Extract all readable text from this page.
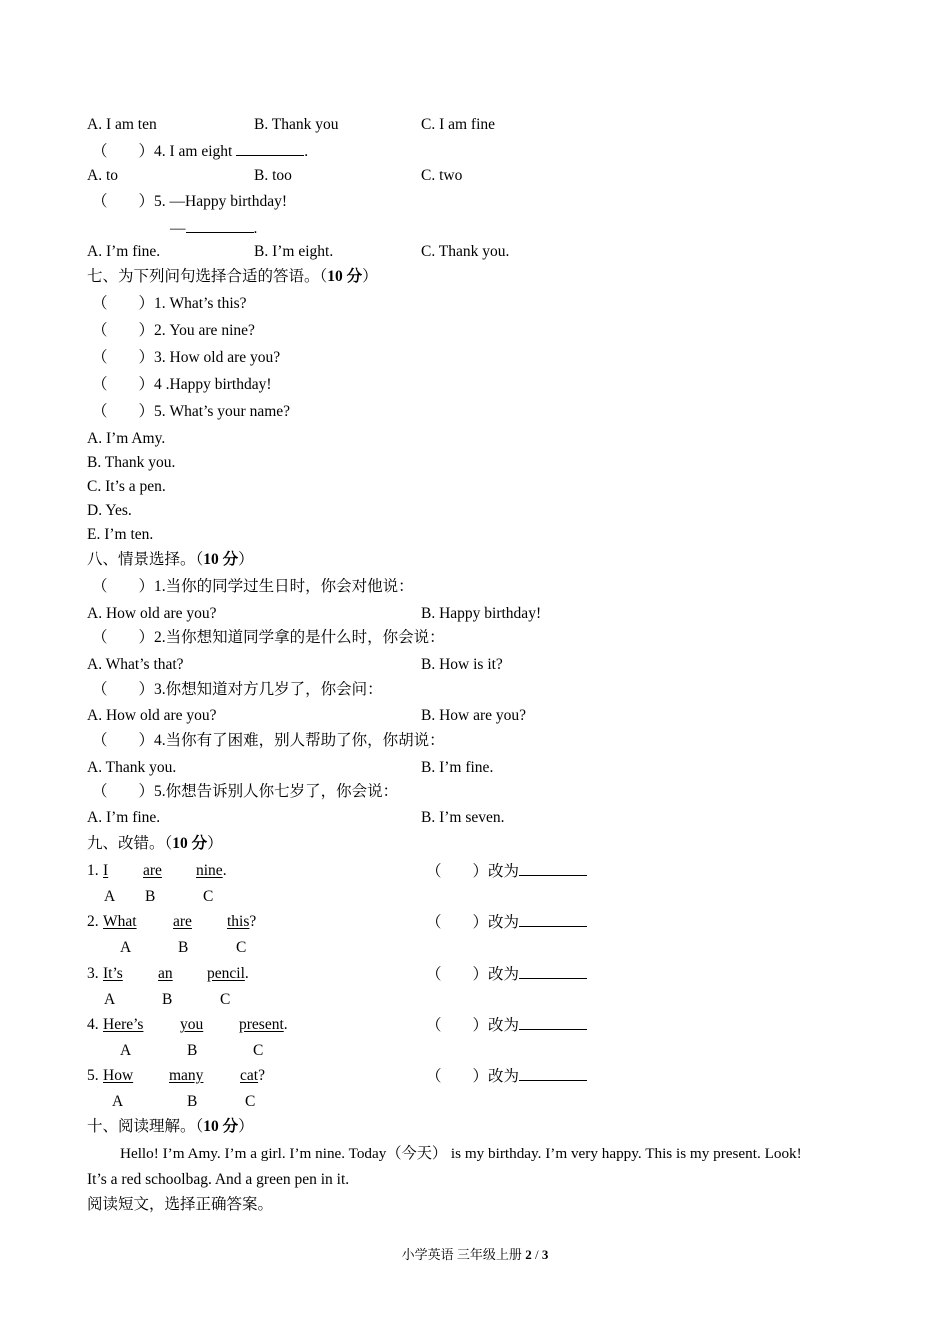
A. I am ten	B. Thank you	C. I am fine
（　　）4. I am eight	.
A. to	B. too	C. two
（　　）5. —Happy birthday!
—	.
A. I’m fine.	B. I’m eight.	C. Thank you.
七、为下列问句选择合适的答语。（10 分）
（　　）1. What’s this?
（　　）2. You are nine?
（　　）3. How old are you?
（　　）4 .Happy birthday!
（　　）5. What’s your name?
A. I’m Amy.
B. Thank you.
C. It’s a pen.
D. Yes.
E. I’m ten.
八、情景选择。（10 分）
（　　）1.当你的同学过生日时，你会对他说：
A. How old are you?	B. Happy birthday!
（　　）2.当你想知道同学拿的是什么时，你会说：
A. What’s that?	B. How is it?
（　　）3.你想知道对方几岁了，你会问：
A. How old are you?	B. How are you?
（　　）4.当你有了困难，别人帮助了你，你胡说：
A. Thank you.	B. I’m fine.
（　　）5.你想告诉别人你七岁了，你会说：
A. I’m fine.	B. I’m seven.
九、改错。（10 分）
1. I are nine.
A B	C
（　　）改为
2. What are this?
A	B	C
（　　）改为
3. It’s an pencil.
A	B	C
（　　）改为
4. Here’s you present.
A	B	C
（　　）改为
5. How many cat?
A	B	C
（　　）改为
十、阅读理解。（10 分）
Hello! I’m Amy. I’m a girl. I’m nine. Today（今天） is my birthday. I’m very happy. This is my present. Look!
It’s a red schoolbag. And a green pen in it.
阅读短文，选择正确答案。
小学英语 三年级上册 2 / 3
